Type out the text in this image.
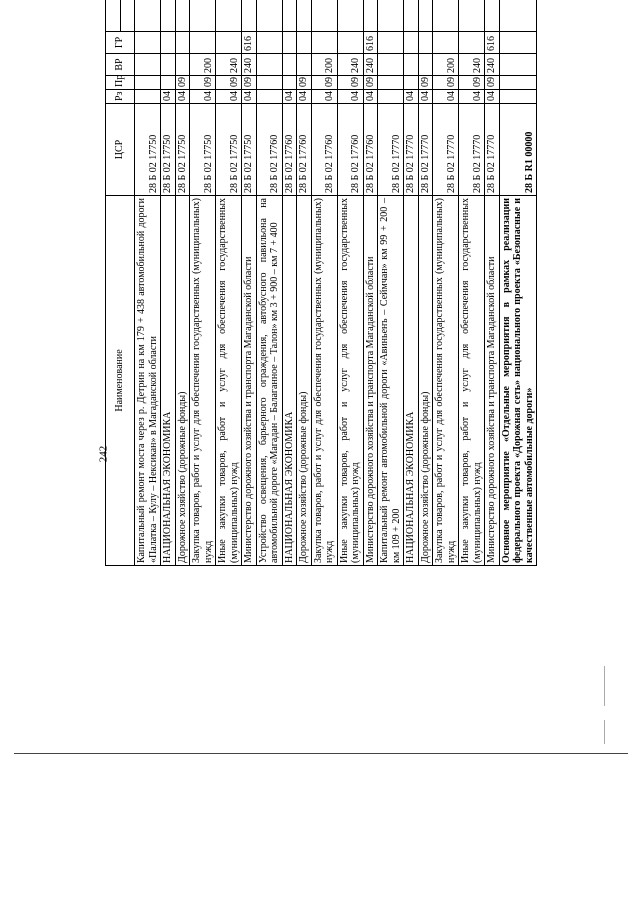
242
Наименование	ЦСР	Рз	Пр	ВР	ГР	

Капитальный ремонт моста через р. Детрин на км 179 + 438 автомобильной дороги «Палатка – Кулу – Нексикан» в Магаданской области	28 Б 02 17750							
НАЦИОНАЛЬНАЯ ЭКОНОМИКА	28 Б 02 17750	04						
Дорожное хозяйство (дорожные фонды)	28 Б 02 17750	04	09					
Закупка товаров, работ и услуг для обеспечения государственных (муниципальных) нужд	28 Б 02 17750	04	09	200				
Иные закупки товаров, работ и услуг для обеспечения государственных (муниципальных) нужд	28 Б 02 17750	04	09	240				
Министерство дорожного хозяйства и транспорта Магаданской области	28 Б 02 17750	04	09	240	616			
Устройство освещения, барьерного ограждения, автобусного павильона на автомобильной дороге «Магадан – Балаганное – Талон» км 3 + 900 – км 7 + 400	28 Б 02 17760							
НАЦИОНАЛЬНАЯ ЭКОНОМИКА	28 Б 02 17760	04						
Дорожное хозяйство (дорожные фонды)	28 Б 02 17760	04	09					
Закупка товаров, работ и услуг для обеспечения государственных (муниципальных) нужд	28 Б 02 17760	04	09	200				
Иные закупки товаров, работ и услуг для обеспечения государственных (муниципальных) нужд	28 Б 02 17760	04	09	240				
Министерство дорожного хозяйства и транспорта Магаданской области	28 Б 02 17760	04	09	240	616			
Капитальный ремонт автомобильной дороги «Авиньенъ – Сеймчан» км 99 + 200 – км 109 + 200	28 Б 02 17770							
НАЦИОНАЛЬНАЯ ЭКОНОМИКА	28 Б 02 17770	04						
Дорожное хозяйство (дорожные фонды)	28 Б 02 17770	04	09					
Закупка товаров, работ и услуг для обеспечения государственных (муниципальных) нужд	28 Б 02 17770	04	09	200				
Иные закупки товаров, работ и услуг для обеспечения государственных (муниципальных) нужд	28 Б 02 17770	04	09	240				
Министерство дорожного хозяйства и транспорта Магаданской области	28 Б 02 17770	04	09	240	616			
Основное мероприятие «Отдельные мероприятия в рамках реализации федерального проекта «Дорожная сеть» национального проекта «Безопасные и качественные автомобильные дороги»	28 Б R1 00000							
